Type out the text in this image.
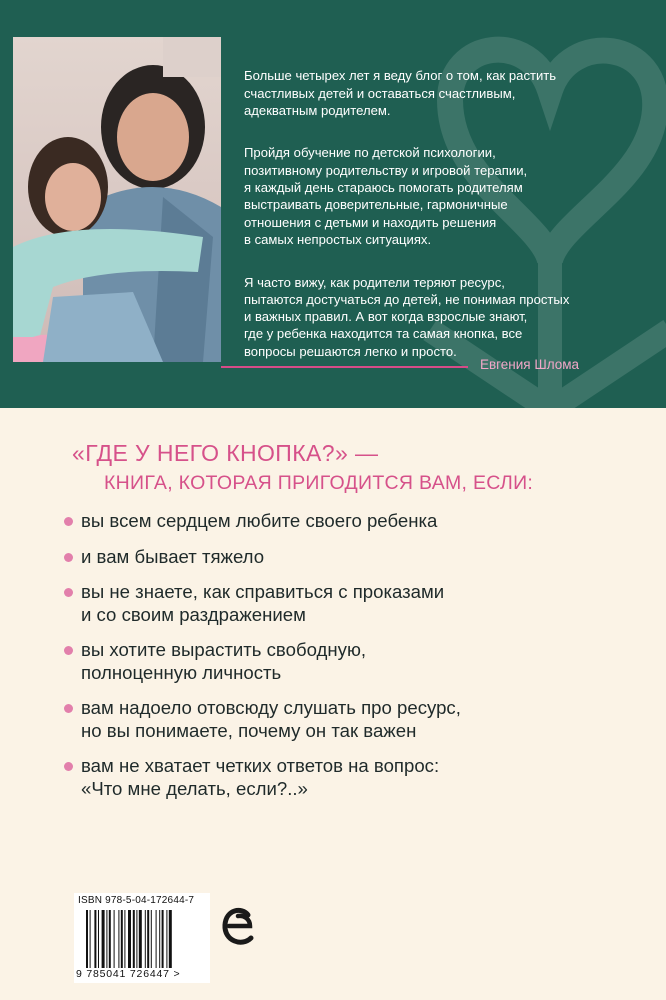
Больше четырех лет я веду блог о том, как растить
счастливых детей и оставаться счастливым,
адекватным родителем.

Пройдя обучение по детской психологии,
позитивному родительству и игровой терапии,
я каждый день стараюсь помогать родителям
выстраивать доверительные, гармоничные
отношения с детьми и находить решения
в самых непростых ситуациях.

Я часто вижу, как родители теряют ресурс,
пытаются достучаться до детей, не понимая простых
и важных правил. А вот когда взрослые знают,
где у ребенка находится та самая кнопка, все
вопросы решаются легко и просто.

Евгения Шлома
«ГДЕ У НЕГО КНОПКА?» —
КНИГА, КОТОРАЯ ПРИГОДИТСЯ ВАМ, ЕСЛИ:
вы всем сердцем любите своего ребенка
и вам бывает тяжело
вы не знаете, как справиться с проказами
и со своим раздражением
вы хотите вырастить свободную,
полноценную личность
вам надоело отовсюду слушать про ресурс,
но вы понимаете, почему он так важен
вам не хватает четких ответов на вопрос:
«Что мне делать, если?..»
ISBN 978-5-04-172644-7
9 785041 726447 >
